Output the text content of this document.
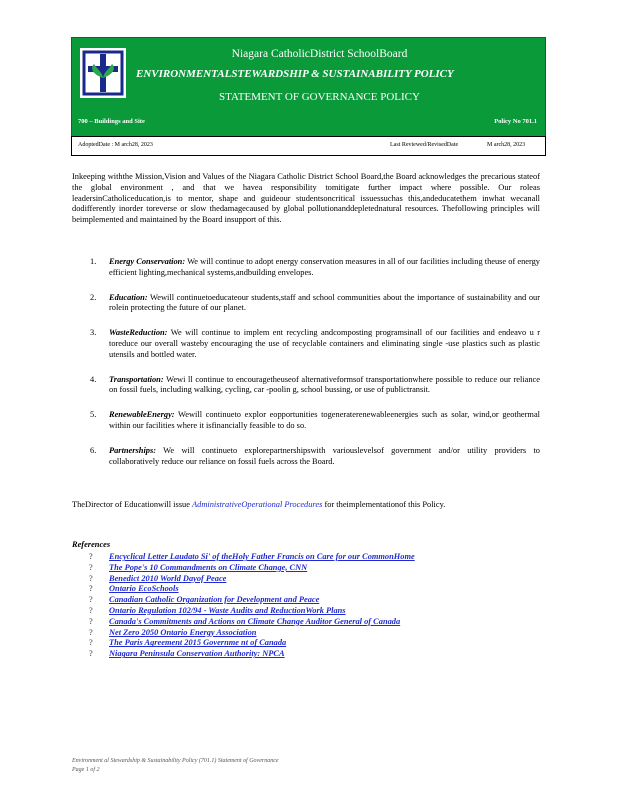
Niagara CatholicDistrict SchoolBoard
ENVIRONMENTALSTEWARDSHIP & SUSTAINABILITY POLICY
STATEMENT OF GOVERNANCE POLICY
700 – Buildings and Site	Policy No 701.1
AdoptedDate : M arch28, 2023	Last Reviewed/RevisedDate	M arch28, 2023

Inkeeping withthe Mission,Vision and Values of the Niagara Catholic District School Board,the Board acknowledges the precarious stateof the global environment , and that we havea responsibility tomitigate further impact where possible. Our roleas leadersinCatholiceducation,is to mentor, shape and guideour studentsoncritical issuessuchas this,andeducatethem inwhat wecanall dodifferently inorder toreverse or slow thedamagecaused by global pollutionanddepletednatural resources. Thefollowing principles will beimplemented and maintained by the Board insupport of this.

1. Energy Conservation: We will continue to adopt energy conservation measures in all of our facilities including theuse of energy efficient lighting,mechanical systems,andbuilding envelopes.
2. Education: Wewill continuetoeducateour students,staff and school communities about the importance of sustainability and our rolein protecting the future of our planet.
3. WasteReduction: We will continue to implem ent recycling andcomposting programsinall of our facilities and endeavo u r toreduce our overall wasteby encouraging the use of recyclable containers and eliminating single -use plastics such as plastic utensils and bottled water.
4. Transportation: Wewi ll continue to encouragetheuseof alternativeformsof transportationwhere possible to reduce our reliance on fossil fuels, including walking, cycling, car -poolin g, school bussing, or use of publictransit.
5. RenewableEnergy: Wewill continueto explor eopportunities togeneraterenewableenergies such as solar, wind,or geothermal within our facilities where it isfinancially feasible to do so.
6. Partnerships: We will continueto explorepartnershipswith variouslevelsof government and/or utility providers to collaboratively reduce our reliance on fossil fuels across the Board.

TheDirector of Educationwill issue AdministrativeOperational Procedures for theimplementationof this Policy.

References
? Encyclical Letter Laudato Si' of theHoly Father Francis on Care for our CommonHome
? The Pope's 10 Commandments on Climate Change, CNN
? Benedict 2010 World Dayof Peace
? Ontario EcoSchools
? Canadian Catholic Organization for Development and Peace
? Ontario Regulation 102/94 - Waste Audits and ReductionWork Plans
? Canada's Commitments and Actions on Climate Change Auditor General of Canada
? Net Zero 2050 Ontario Energy Association
? The Paris Agreement 2015 Governme nt of Canada
? Niagara Peninsula Conservation Authority: NPCA
Environment al Stewardship & Sustainability Policy (701.1) Statement of Governance
Page 1 of 2
